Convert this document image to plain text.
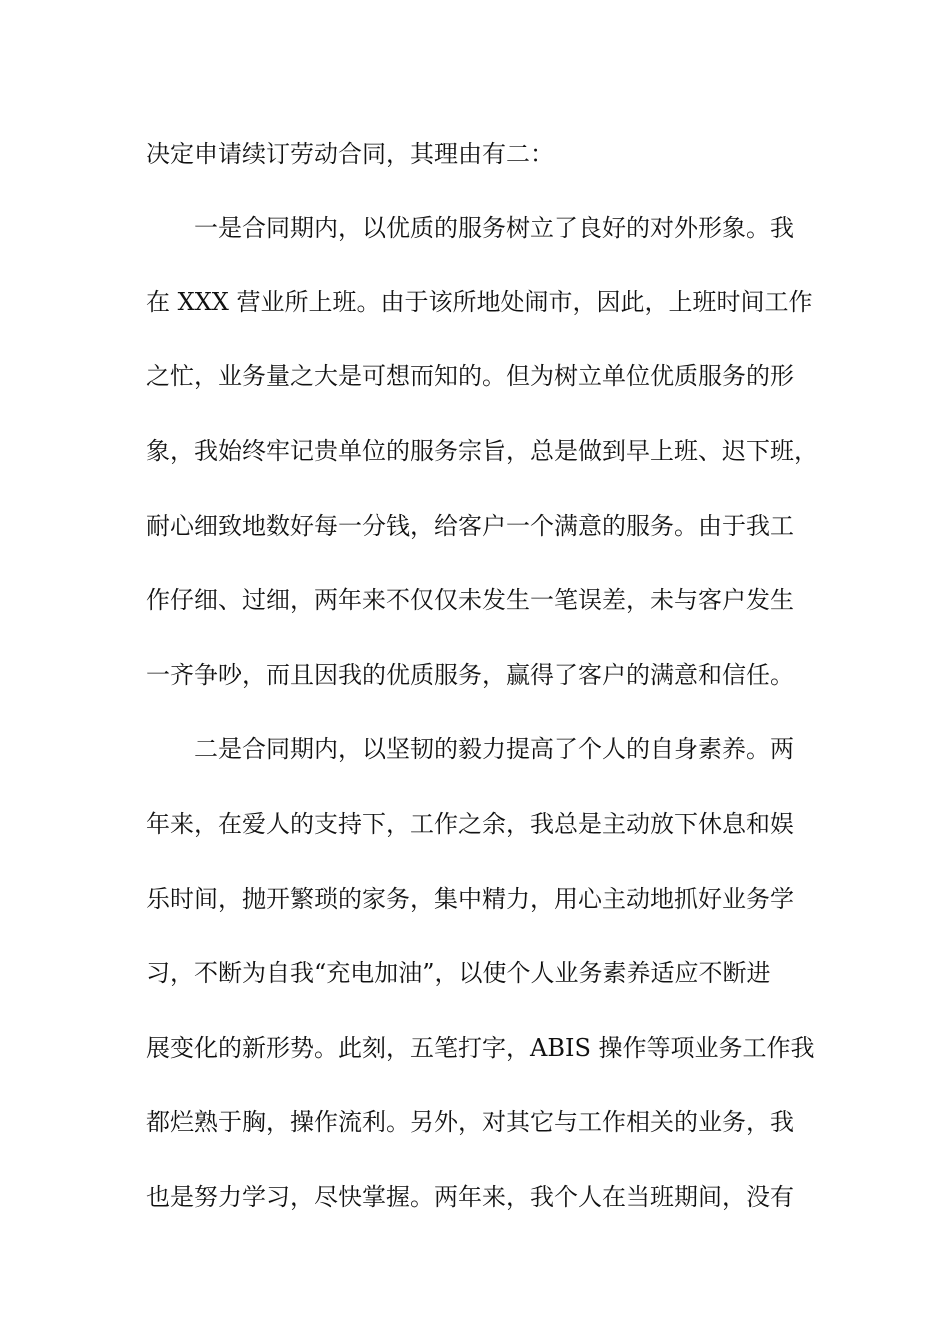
决定申请续订劳动合同，其理由有二：
一是合同期内，以优质的服务树立了良好的对外形象。我
在 XXX 营业所上班。由于该所地处闹市，因此，上班时间工作
之忙，业务量之大是可想而知的。但为树立单位优质服务的形
象，我始终牢记贵单位的服务宗旨，总是做到早上班、迟下班，
耐心细致地数好每一分钱，给客户一个满意的服务。由于我工
作仔细、过细，两年来不仅仅未发生一笔误差，未与客户发生
一齐争吵，而且因我的优质服务，赢得了客户的满意和信任。
二是合同期内，以坚韧的毅力提高了个人的自身素养。两
年来，在爱人的支持下，工作之余，我总是主动放下休息和娱
乐时间，抛开繁琐的家务，集中精力，用心主动地抓好业务学
习，不断为自我“充电加油”，以使个人业务素养适应不断进
展变化的新形势。此刻，五笔打字，ABIS 操作等项业务工作我
都烂熟于胸，操作流利。另外，对其它与工作相关的业务，我
也是努力学习，尽快掌握。两年来，我个人在当班期间，没有
